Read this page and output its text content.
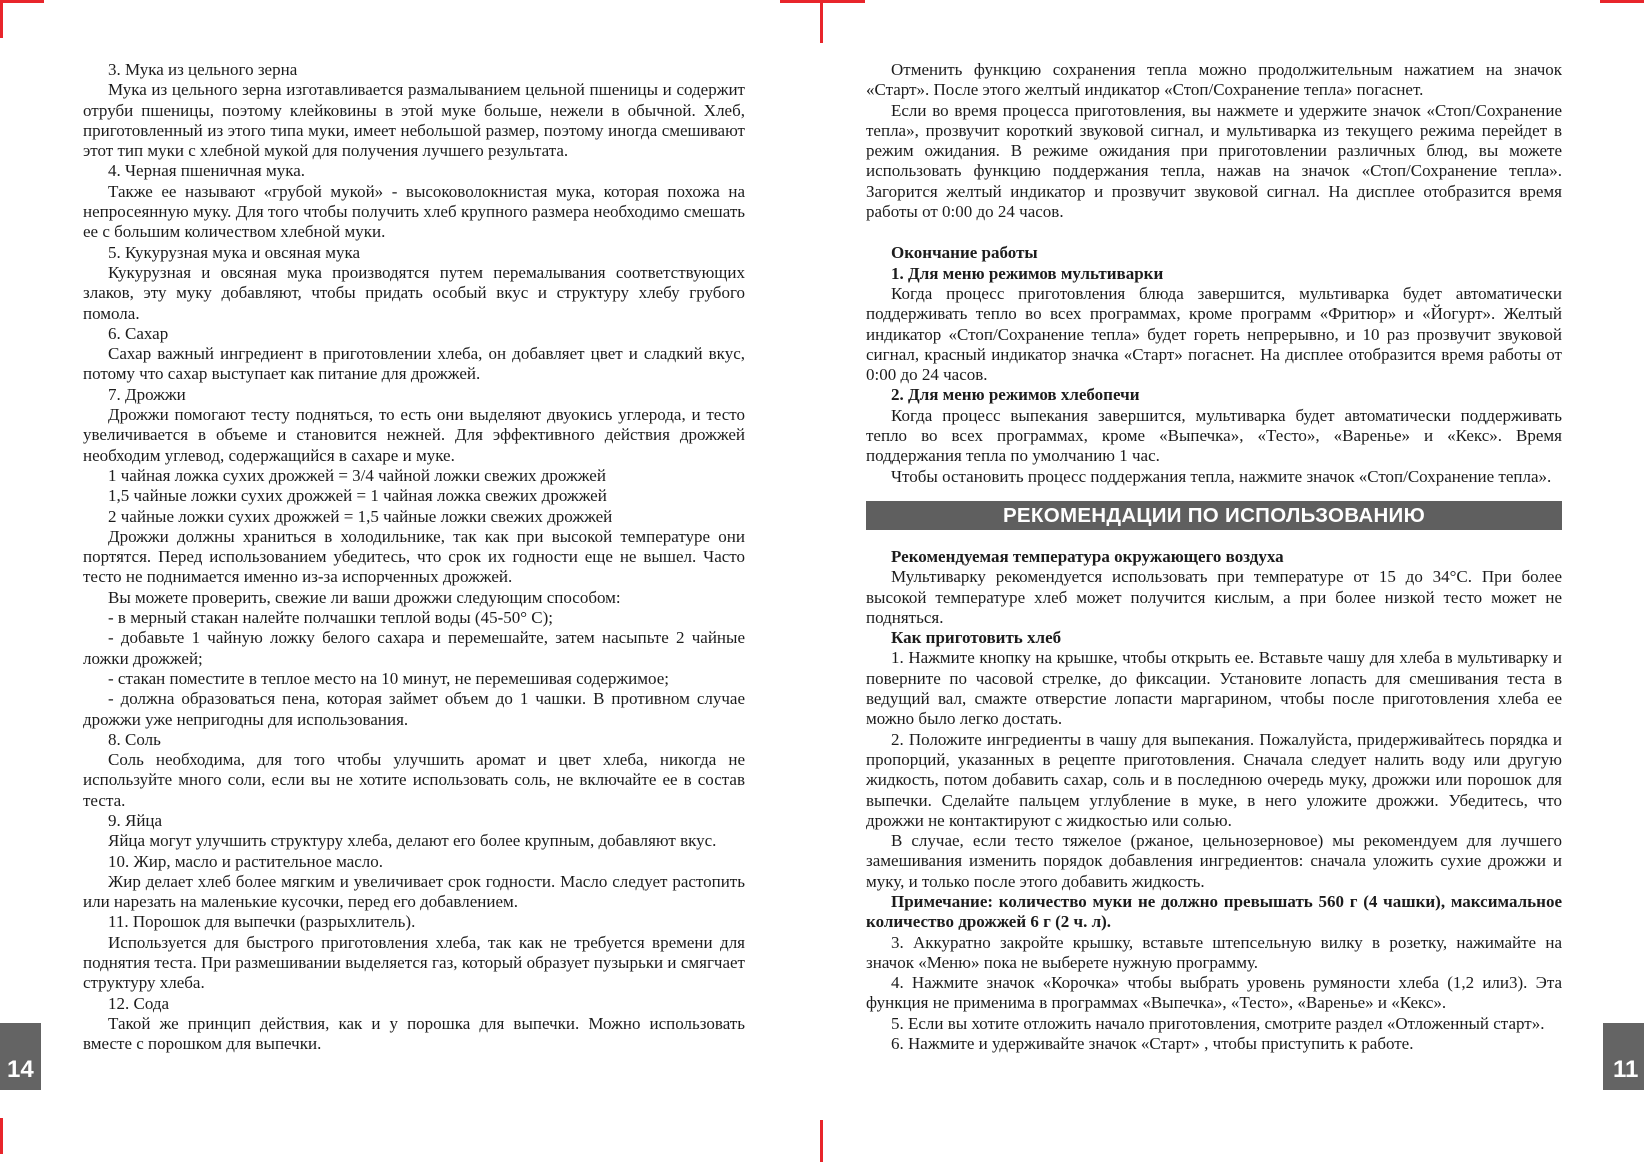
3. Мука из цельного зерна

Мука из цельного зерна изготавливается размалыванием цельной пшеницы и содержит отруби пшеницы, поэтому клейковины в этой муке больше, нежели в обычной. Хлеб, приготовленный из этого типа муки, имеет небольшой размер, поэтому иногда смешивают этот тип муки с хлебной мукой для получения лучшего результата.

4. Черная пшеничная мука.

Также ее называют «грубой мукой» - высоковолокнистая мука, которая похожа на непросеянную муку. Для того чтобы получить хлеб крупного размера необходимо смешать ее с большим количеством хлебной муки.

5. Кукурузная мука и овсяная мука

Кукурузная и овсяная мука производятся путем перемалывания соответствующих злаков, эту муку добавляют, чтобы придать особый вкус и структуру хлебу грубого помола.

6. Сахар

Сахар важный ингредиент в приготовлении хлеба, он добавляет цвет и сладкий вкус, потому что сахар выступает как питание для дрожжей.

7. Дрожжи

Дрожжи помогают тесту подняться, то есть они выделяют двуокись углерода, и тесто увеличивается в объеме и становится нежней. Для эффективного действия дрожжей необходим углевод, содержащийся в сахаре и муке.

1 чайная ложка сухих дрожжей = 3/4 чайной ложки свежих дрожжей

1,5 чайные ложки сухих дрожжей = 1 чайная ложка свежих дрожжей

2 чайные ложки сухих дрожжей = 1,5 чайные ложки свежих дрожжей

Дрожжи должны храниться в холодильнике, так как при высокой температуре они портятся. Перед использованием убедитесь, что срок их годности еще не вышел. Часто тесто не поднимается именно из-за испорченных дрожжей.

Вы можете проверить, свежие ли ваши дрожжи следующим способом:

- в мерный стакан налейте полчашки теплой воды (45-50° С);

- добавьте 1 чайную ложку белого сахара и перемешайте, затем насыпьте 2 чайные ложки дрожжей;

- стакан поместите в теплое место на 10 минут, не перемешивая содержимое;

- должна образоваться пена, которая займет объем до 1 чашки. В противном случае дрожжи уже непригодны для использования.

8. Соль

Соль необходима, для того чтобы улучшить аромат и цвет хлеба, никогда не используйте много соли, если вы не хотите использовать соль, не включайте ее в состав теста.

9. Яйца

Яйца могут улучшить структуру хлеба, делают его более крупным, добавляют вкус.

10. Жир, масло и растительное масло.

Жир делает хлеб более мягким и увеличивает срок годности. Масло следует растопить или нарезать на маленькие кусочки, перед его добавлением.

11. Порошок для выпечки (разрыхлитель).

Используется для быстрого приготовления хлеба, так как не требуется времени для поднятия теста. При размешивании выделяется газ, который образует пузырьки и смягчает структуру хлеба.

12. Сода

Такой же принцип действия, как и у порошка для выпечки. Можно использовать вместе с порошком для выпечки.

Отменить функцию сохранения тепла можно продолжительным нажатием на значок «Старт». После этого желтый индикатор «Стоп/Сохранение тепла» погаснет.

Если во время процесса приготовления, вы нажмете и удержите значок «Стоп/Сохранение тепла», прозвучит короткий звуковой сигнал, и мультиварка из текущего режима перейдет в режим ожидания. В режиме ожидания при приготовлении различных блюд, вы можете использовать функцию поддержания тепла, нажав на значок «Стоп/Сохранение тепла». Загорится желтый индикатор и прозвучит звуковой сигнал. На дисплее отобразится время работы от 0:00 до 24 часов.

Окончание работы

1. Для меню режимов мультиварки

Когда процесс приготовления блюда завершится, мультиварка будет автоматически поддерживать тепло во всех программах, кроме программ «Фритюр» и «Йогурт». Желтый индикатор «Стоп/Сохранение тепла» будет гореть непрерывно, и 10 раз прозвучит звуковой сигнал, красный индикатор значка «Старт» погаснет. На дисплее отобразится время работы от 0:00 до 24 часов.

2. Для меню режимов хлебопечи

Когда процесс выпекания завершится, мультиварка будет автоматически поддерживать тепло во всех программах, кроме «Выпечка», «Тесто», «Варенье» и «Кекс». Время поддержания тепла по умолчанию 1 час.

Чтобы остановить процесс поддержания тепла, нажмите значок «Стоп/Сохранение тепла».

РЕКОМЕНДАЦИИ ПО ИСПОЛЬЗОВАНИЮ

Рекомендуемая температура окружающего воздуха

Мультиварку рекомендуется использовать при температуре от 15 до 34°С. При более высокой температуре хлеб может получится кислым, а при более низкой тесто может не подняться.

Как приготовить хлеб

1. Нажмите кнопку на крышке, чтобы открыть ее. Вставьте чашу для хлеба в мультиварку и поверните по часовой стрелке, до фиксации. Установите лопасть для смешивания теста в ведущий вал, смажте отверстие лопасти маргарином, чтобы после приготовления хлеба ее можно было легко достать.

2. Положите ингредиенты в чашу для выпекания. Пожалуйста, придерживайтесь порядка и пропорций, указанных в рецепте приготовления. Сначала следует налить воду или другую жидкость, потом добавить сахар, соль и в последнюю очередь муку, дрожжи или порошок для выпечки. Сделайте пальцем углубление в муке, в него уложите дрожжи. Убедитесь, что дрожжи не контактируют с жидкостью или солью.

В случае, если тесто тяжелое (ржаное, цельнозерновое) мы рекомендуем для лучшего замешивания изменить порядок добавления ингредиентов: сначала уложить сухие дрожжи и муку, и только после этого добавить жидкость.

Примечание: количество муки не должно превышать 560 г (4 чашки), максимальное количество дрожжей 6 г (2 ч. л).

3. Аккуратно закройте крышку, вставьте штепсельную вилку в розетку, нажимайте на значок «Меню» пока не выберете нужную программу.

4. Нажмите значок «Корочка» чтобы выбрать уровень румяности хлеба (1,2 или3). Эта функция не применима в программах «Выпечка», «Тесто», «Варенье» и «Кекс».

5. Если вы хотите отложить начало приготовления, смотрите раздел «Отложенный старт».

6. Нажмите и удерживайте значок «Старт» , чтобы приступить к работе.

14	11
